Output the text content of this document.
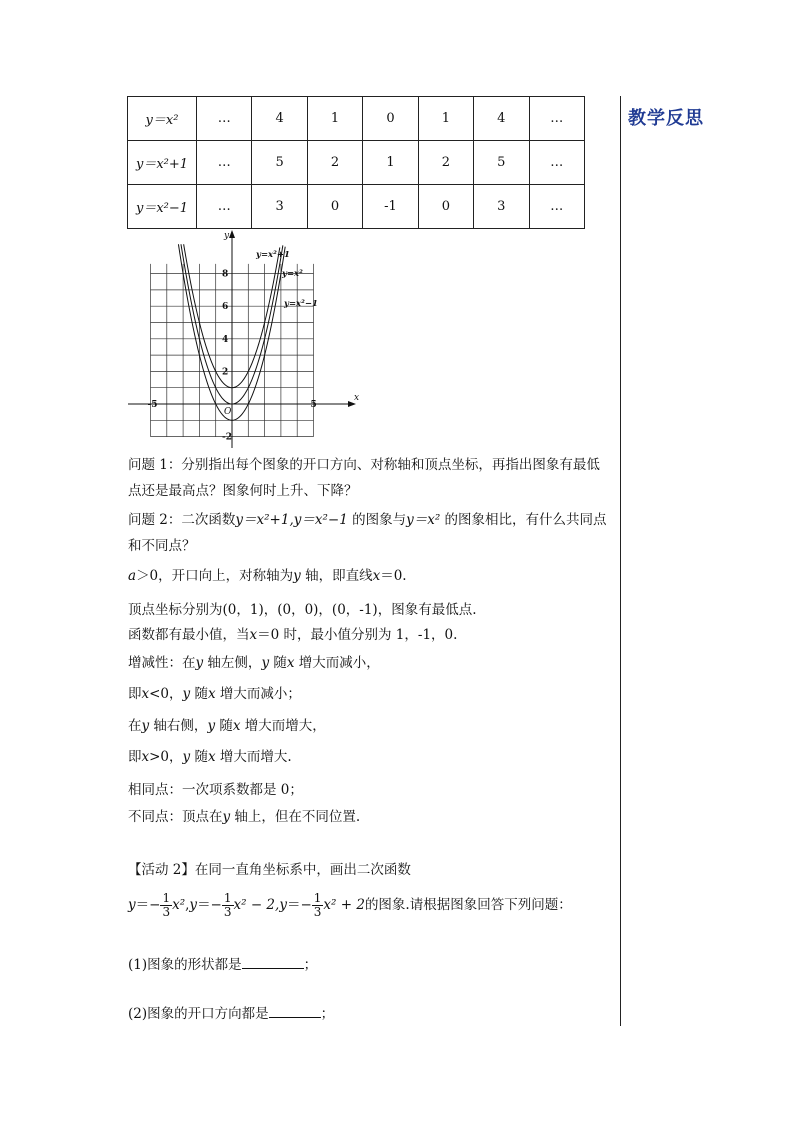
教学反思
y＝x²	…	4	1	0	1	4	…
y＝x²+1	…	5	2	1	2	5	…
y＝x²−1	…	3	0	-1	0	3	…
x
y
O
-5	5
8
6
4
2
-2
y=x²+1
y=x²
y=x²−1
问题 1：分别指出每个图象的开口方向、对称轴和顶点坐标，再指出图象有最低
点还是最高点？图象何时上升、下降？
问题 2：二次函数y＝x²+1,y＝x²−1 的图象与y＝x² 的图象相比，有什么共同点
和不同点？
a＞0，开口向上，对称轴为y 轴，即直线x＝0.
顶点坐标分别为(0，1)，(0，0)，(0，-1)，图象有最低点.
函数都有最小值，当x＝0 时，最小值分别为 1，-1，0.
增减性：在y 轴左侧，y 随x 增大而减小，
即x<0，y 随x 增大而减小；
在y 轴右侧，y 随x 增大而增大，
即x>0，y 随x 增大而增大.
相同点：一次项系数都是 0；
不同点：顶点在y 轴上，但在不同位置.
【活动 2】在同一直角坐标系中，画出二次函数
$y=- \frac{1}{3} x^2,y=- \frac{1}{3} x^2 - 2,y=- \frac{1}{3} x^2 + 2$的图象.请根据图象回答下列问题：
(1)图象的形状都是	；
(2)图象的开口方向都是	；
